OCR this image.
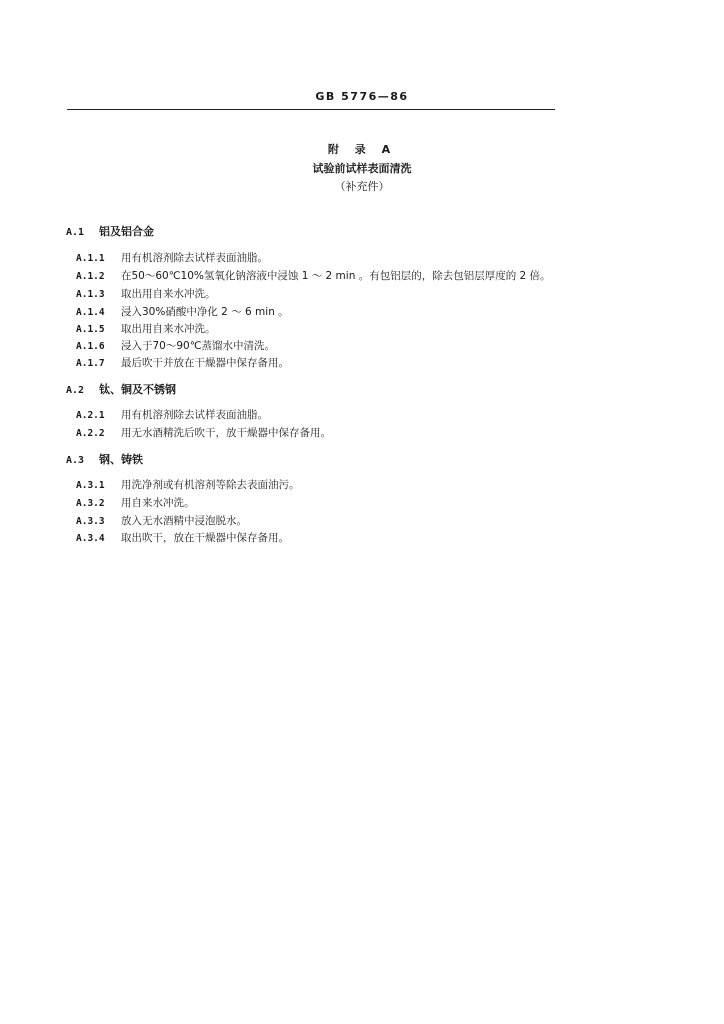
GB 5776—86
附 录 A
试验前试样表面清洗
（补充件）
A.1 铝及铝合金
A.1.1 用有机溶剂除去试样表面油脂。
A.1.2 在50～60℃10%氢氧化钠溶液中浸蚀 1 ～ 2 min 。有包铝层的，除去包铝层厚度的 2 倍。
A.1.3 取出用自来水冲洗。
A.1.4 浸入30%硝酸中净化 2 ～ 6 min 。
A.1.5 取出用自来水冲洗。
A.1.6 浸入于70～90℃蒸馏水中清洗。
A.1.7 最后吹干并放在干燥器中保存备用。
A.2 钛、铜及不锈钢
A.2.1 用有机溶剂除去试样表面油脂。
A.2.2 用无水酒精洗后吹干，放干燥器中保存备用。
A.3 钢、铸铁
A.3.1 用洗净剂或有机溶剂等除去表面油污。
A.3.2 用自来水冲洗。
A.3.3 放入无水酒精中浸泡脱水。
A.3.4 取出吹干，放在干燥器中保存备用。
